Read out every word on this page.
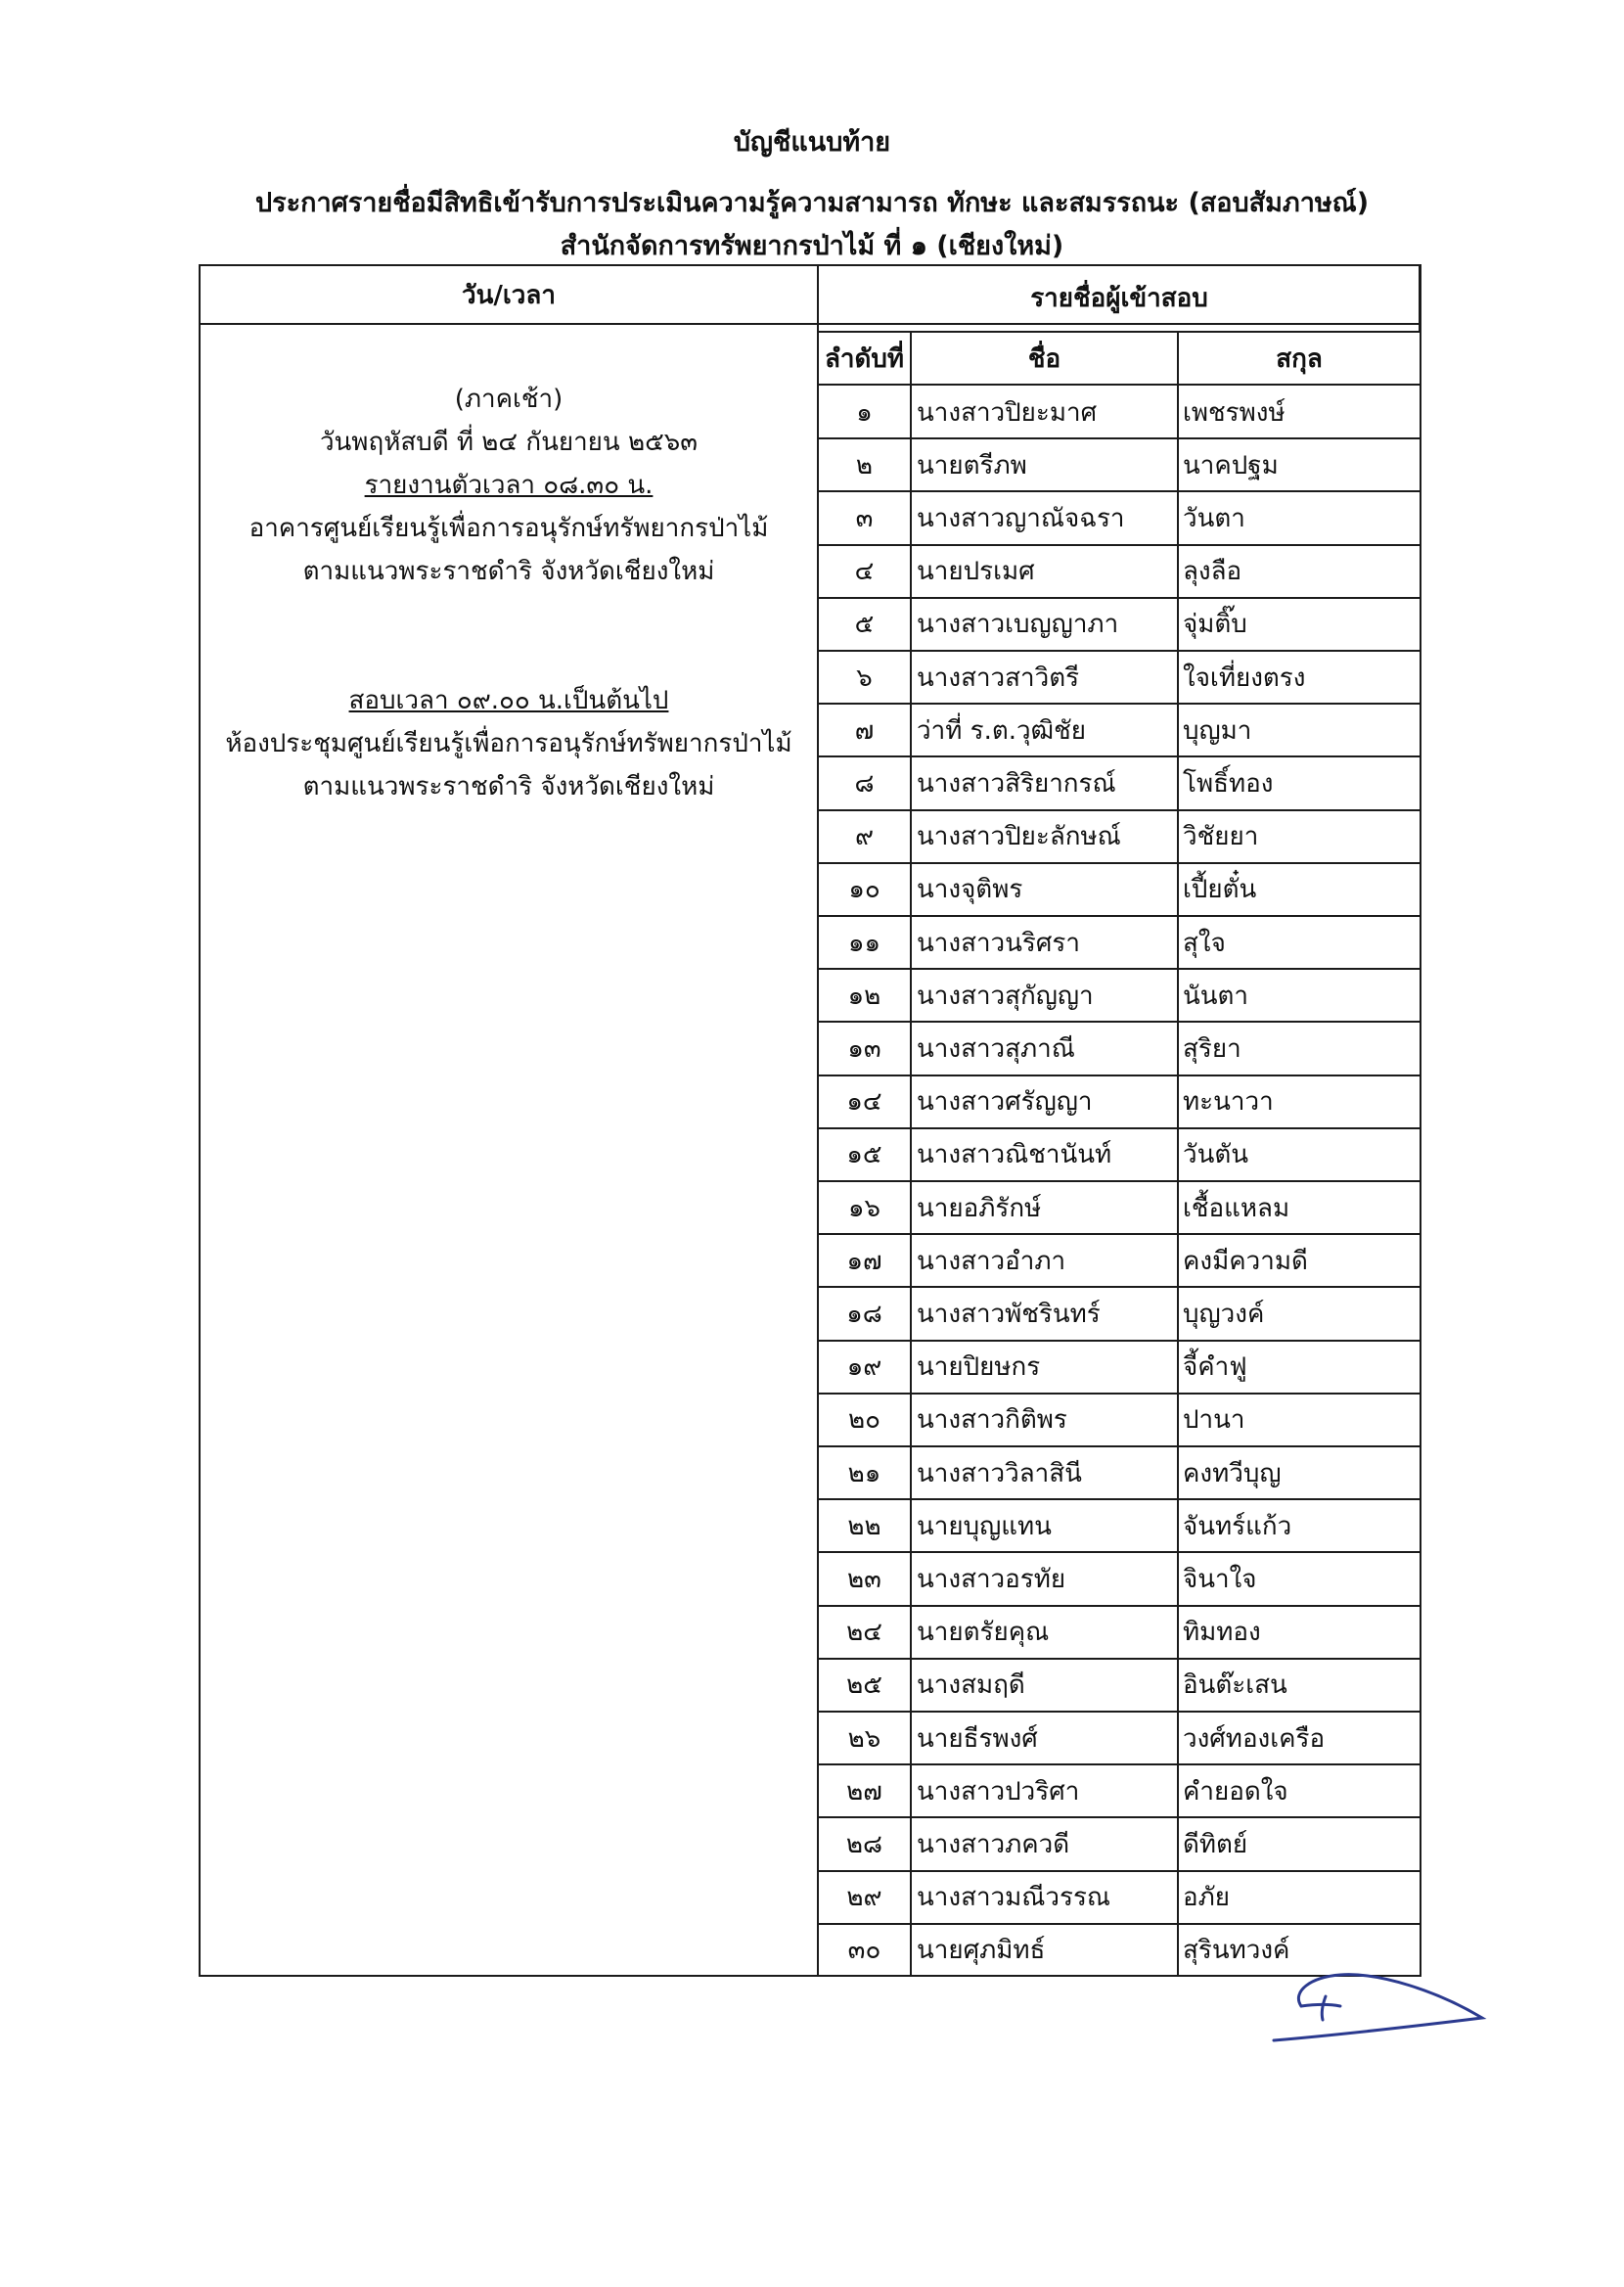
บัญชีแนบท้าย
ประกาศรายชื่อมีสิทธิเข้ารับการประเมินความรู้ความสามารถ ทักษะ และสมรรถนะ (สอบสัมภาษณ์)
สำนักจัดการทรัพยากรป่าไม้ ที่ ๑ (เชียงใหม่)
วัน/เวลา	รายชื่อผู้เข้าสอบ
ลำดับที่	ชื่อ	สกุล

(ภาคเช้า)

วันพฤหัสบดี ที่ ๒๔ กันยายน ๒๕๖๓

รายงานตัวเวลา ๐๘.๓๐ น.

อาคารศูนย์เรียนรู้เพื่อการอนุรักษ์ทรัพยากรป่าไม้

ตามแนวพระราชดำริ จังหวัดเชียงใหม่

สอบเวลา ๐๙.๐๐ น.เป็นต้นไป

ห้องประชุมศูนย์เรียนรู้เพื่อการอนุรักษ์ทรัพยากรป่าไม้

ตามแนวพระราชดำริ จังหวัดเชียงใหม่

๑	นางสาวปิยะมาศ	เพชรพงษ์
๒	นายตรีภพ	นาคปฐม
๓	นางสาวญาณัจฉรา	วันตา
๔	นายปรเมศ	ลุงลือ
๕	นางสาวเบญญาภา	จุ่มติ๊บ
๖	นางสาวสาวิตรี	ใจเที่ยงตรง
๗	ว่าที่ ร.ต.วุฒิชัย	บุญมา
๘	นางสาวสิริยากรณ์	โพธิ์ทอง
๙	นางสาวปิยะลักษณ์	วิชัยยา
๑๐	นางจุติพร	เปี้ยตั๋น
๑๑	นางสาวนริศรา	สุใจ
๑๒	นางสาวสุกัญญา	นันตา
๑๓	นางสาวสุภาณี	สุริยา
๑๔	นางสาวศรัญญา	ทะนาวา
๑๕	นางสาวณิชานันท์	วันตัน
๑๖	นายอภิรักษ์	เชื้อแหลม
๑๗	นางสาวอำภา	คงมีความดี
๑๘	นางสาวพัชรินทร์	บุญวงค์
๑๙	นายปิยษกร	จี้คำฟู
๒๐	นางสาวกิติพร	ปานา
๒๑	นางสาววิลาสินี	คงทวีบุญ
๒๒	นายบุญแทน	จันทร์แก้ว
๒๓	นางสาวอรทัย	จินาใจ
๒๔	นายตรัยคุณ	ทิมทอง
๒๕	นางสมฤดี	อินต๊ะเสน
๒๖	นายธีรพงศ์	วงศ์ทองเครือ
๒๗	นางสาวปวริศา	คำยอดใจ
๒๘	นางสาวภควดี	ดีทิตย์
๒๙	นางสาวมณีวรรณ	อภัย
๓๐	นายศุภมิทธ์	สุรินทวงค์
